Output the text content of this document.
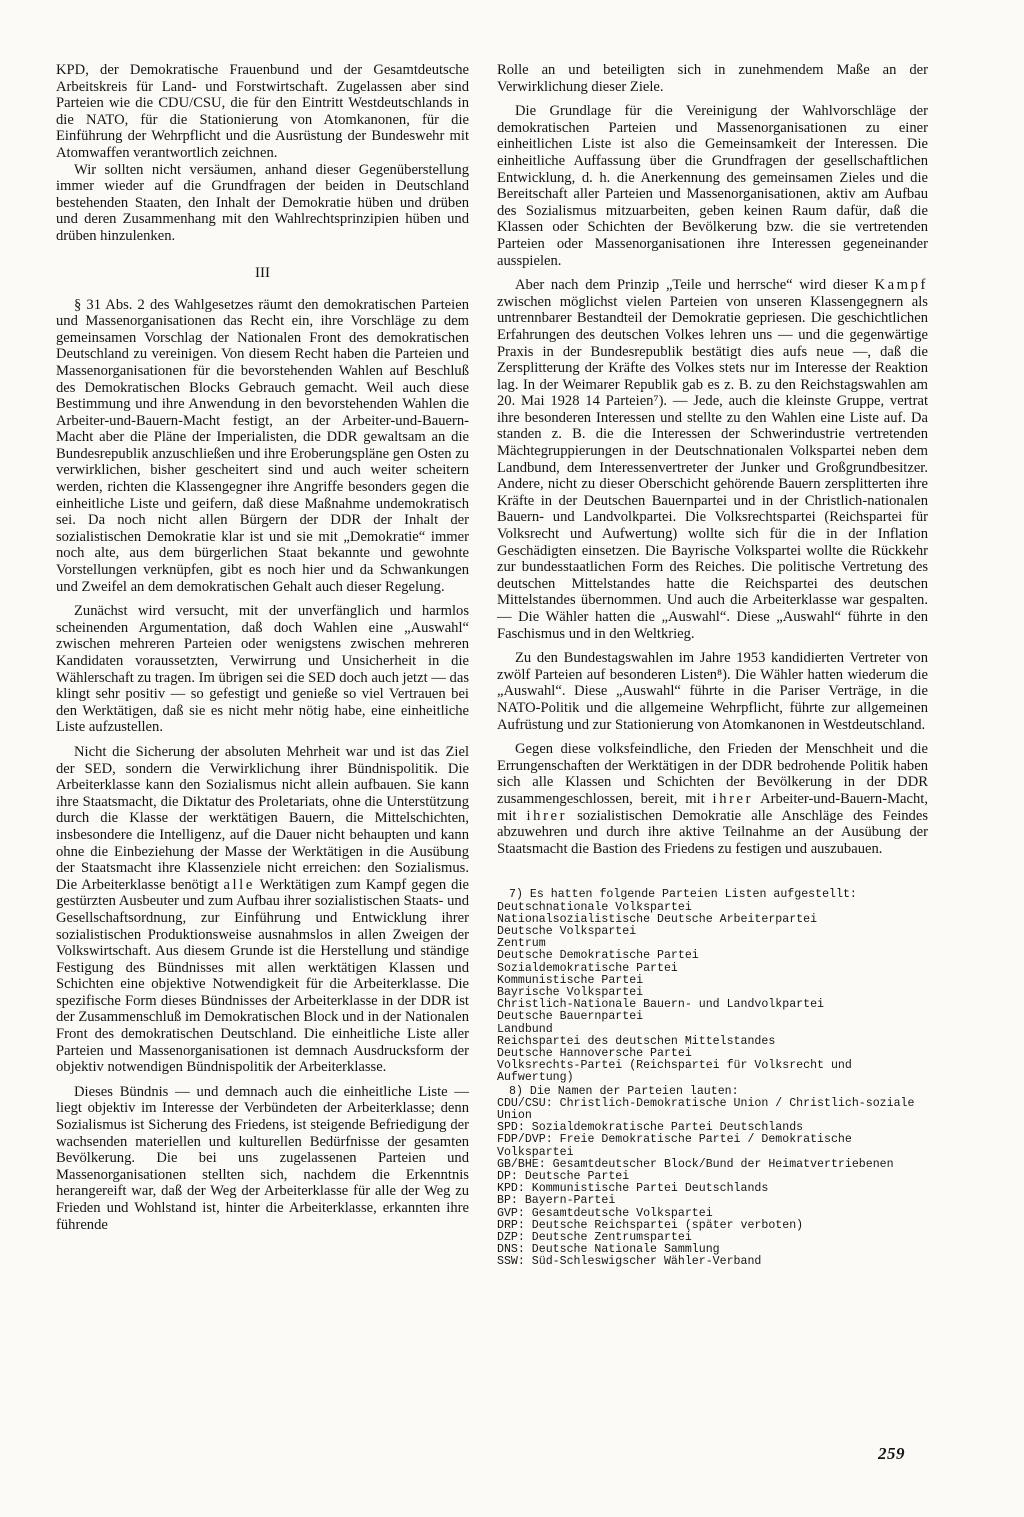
KPD, der Demokratische Frauenbund und der Gesamtdeutsche Arbeitskreis für Land- und Forstwirtschaft. Zugelassen aber sind Parteien wie die CDU/CSU, die für den Eintritt Westdeutschlands in die NATO, für die Stationierung von Atomkanonen, für die Einführung der Wehrpflicht und die Ausrüstung der Bundeswehr mit Atomwaffen verantwortlich zeichnen.

Wir sollten nicht versäumen, anhand dieser Gegenüberstellung immer wieder auf die Grundfragen der beiden in Deutschland bestehenden Staaten, den Inhalt der Demokratie hüben und drüben und deren Zusammenhang mit den Wahlrechtsprinzipien hüben und drüben hinzulenken.

III

§ 31 Abs. 2 des Wahlgesetzes räumt den demokratischen Parteien und Massenorganisationen das Recht ein, ihre Vorschläge zu dem gemeinsamen Vorschlag der Nationalen Front des demokratischen Deutschland zu vereinigen. Von diesem Recht haben die Parteien und Massenorganisationen für die bevorstehenden Wahlen auf Beschluß des Demokratischen Blocks Gebrauch gemacht. Weil auch diese Bestimmung und ihre Anwendung in den bevorstehenden Wahlen die Arbeiter-und-Bauern-Macht festigt, an der Arbeiter-und-Bauern-Macht aber die Pläne der Imperialisten, die DDR gewaltsam an die Bundesrepublik anzuschließen und ihre Eroberungspläne gen Osten zu verwirklichen, bisher gescheitert sind und auch weiter scheitern werden, richten die Klassengegner ihre Angriffe besonders gegen die einheitliche Liste und geifern, daß diese Maßnahme undemokratisch sei. Da noch nicht allen Bürgern der DDR der Inhalt der sozialistischen Demokratie klar ist und sie mit „Demokratie“ immer noch alte, aus dem bürgerlichen Staat bekannte und gewohnte Vorstellungen verknüpfen, gibt es noch hier und da Schwankungen und Zweifel an dem demokratischen Gehalt auch dieser Regelung.

Zunächst wird versucht, mit der unverfänglich und harmlos scheinenden Argumentation, daß doch Wahlen eine „Auswahl“ zwischen mehreren Parteien oder wenigstens zwischen mehreren Kandidaten voraussetzten, Verwirrung und Unsicherheit in die Wählerschaft zu tragen. Im übrigen sei die SED doch auch jetzt — das klingt sehr positiv — so gefestigt und genieße so viel Vertrauen bei den Werktätigen, daß sie es nicht mehr nötig habe, eine einheitliche Liste aufzustellen.

Nicht die Sicherung der absoluten Mehrheit war und ist das Ziel der SED, sondern die Verwirklichung ihrer Bündnispolitik. Die Arbeiterklasse kann den Sozialismus nicht allein aufbauen. Sie kann ihre Staatsmacht, die Diktatur des Proletariats, ohne die Unterstützung durch die Klasse der werktätigen Bauern, die Mittelschichten, insbesondere die Intelligenz, auf die Dauer nicht behaupten und kann ohne die Einbeziehung der Masse der Werktätigen in die Ausübung der Staatsmacht ihre Klassenziele nicht erreichen: den Sozialismus. Die Arbeiterklasse benötigt alle Werktätigen zum Kampf gegen die gestürzten Ausbeuter und zum Aufbau ihrer sozialistischen Staats- und Gesellschaftsordnung, zur Einführung und Entwicklung ihrer sozialistischen Produktionsweise ausnahmslos in allen Zweigen der Volkswirtschaft. Aus diesem Grunde ist die Herstellung und ständige Festigung des Bündnisses mit allen werktätigen Klassen und Schichten eine objektive Notwendigkeit für die Arbeiterklasse. Die spezifische Form dieses Bündnisses der Arbeiterklasse in der DDR ist der Zusammenschluß im Demokratischen Block und in der Nationalen Front des demokratischen Deutschland. Die einheitliche Liste aller Parteien und Massenorganisationen ist demnach Ausdrucksform der objektiv notwendigen Bündnispolitik der Arbeiterklasse.

Dieses Bündnis — und demnach auch die einheitliche Liste — liegt objektiv im Interesse der Verbündeten der Arbeiterklasse; denn Sozialismus ist Sicherung des Friedens, ist steigende Befriedigung der wachsenden materiellen und kulturellen Bedürfnisse der gesamten Bevölkerung. Die bei uns zugelassenen Parteien und Massenorganisationen stellten sich, nachdem die Erkenntnis herangereift war, daß der Weg der Arbeiterklasse für alle der Weg zu Frieden und Wohlstand ist, hinter die Arbeiterklasse, erkannten ihre führende

Rolle an und beteiligten sich in zunehmendem Maße an der Verwirklichung dieser Ziele.

Die Grundlage für die Vereinigung der Wahlvorschläge der demokratischen Parteien und Massenorganisationen zu einer einheitlichen Liste ist also die Gemeinsamkeit der Interessen. Die einheitliche Auffassung über die Grundfragen der gesellschaftlichen Entwicklung, d. h. die Anerkennung des gemeinsamen Zieles und die Bereitschaft aller Parteien und Massenorganisationen, aktiv am Aufbau des Sozialismus mitzuarbeiten, geben keinen Raum dafür, daß die Klassen oder Schichten der Bevölkerung bzw. die sie vertretenden Parteien oder Massenorganisationen ihre Interessen gegeneinander ausspielen.

Aber nach dem Prinzip „Teile und herrsche“ wird dieser Kampf zwischen möglichst vielen Parteien von unseren Klassengegnern als untrennbarer Bestandteil der Demokratie gepriesen. Die geschichtlichen Erfahrungen des deutschen Volkes lehren uns — und die gegenwärtige Praxis in der Bundesrepublik bestätigt dies aufs neue —, daß die Zersplitterung der Kräfte des Volkes stets nur im Interesse der Reaktion lag. In der Weimarer Republik gab es z. B. zu den Reichstagswahlen am 20. Mai 1928 14 Parteien⁷). — Jede, auch die kleinste Gruppe, vertrat ihre besonderen Interessen und stellte zu den Wahlen eine Liste auf. Da standen z. B. die die Interessen der Schwerindustrie vertretenden Mächtegruppierungen in der Deutschnationalen Volkspartei neben dem Landbund, dem Interessenvertreter der Junker und Großgrundbesitzer. Andere, nicht zu dieser Oberschicht gehörende Bauern zersplitterten ihre Kräfte in der Deutschen Bauernpartei und in der Christlich-nationalen Bauern- und Landvolkpartei. Die Volksrechtspartei (Reichspartei für Volksrecht und Aufwertung) wollte sich für die in der Inflation Geschädigten einsetzen. Die Bayrische Volkspartei wollte die Rückkehr zur bundesstaatlichen Form des Reiches. Die politische Vertretung des deutschen Mittelstandes hatte die Reichspartei des deutschen Mittelstandes übernommen. Und auch die Arbeiterklasse war gespalten. — Die Wähler hatten die „Auswahl“. Diese „Auswahl“ führte in den Faschismus und in den Weltkrieg.

Zu den Bundestagswahlen im Jahre 1953 kandidierten Vertreter von zwölf Parteien auf besonderen Listen⁸). Die Wähler hatten wiederum die „Auswahl“. Diese „Auswahl“ führte in die Pariser Verträge, in die NATO-Politik und die allgemeine Wehrpflicht, führte zur allgemeinen Aufrüstung und zur Stationierung von Atomkanonen in Westdeutschland.

Gegen diese volksfeindliche, den Frieden der Menschheit und die Errungenschaften der Werktätigen in der DDR bedrohende Politik haben sich alle Klassen und Schichten der Bevölkerung in der DDR zusammengeschlossen, bereit, mit ihrer Arbeiter-und-Bauern-Macht, mit ihrer sozialistischen Demokratie alle Anschläge des Feindes abzuwehren und durch ihre aktive Teilnahme an der Ausübung der Staatsmacht die Bastion des Friedens zu festigen und auszubauen.

7) Es hatten folgende Parteien Listen aufgestellt:
Deutschnationale Volkspartei
Nationalsozialistische Deutsche Arbeiterpartei
Deutsche Volkspartei
Zentrum
Deutsche Demokratische Partei
Sozialdemokratische Partei
Kommunistische Partei
Bayrische Volkspartei
Christlich-Nationale Bauern- und Landvolkpartei
Deutsche Bauernpartei
Landbund
Reichspartei des deutschen Mittelstandes
Deutsche Hannoversche Partei
Volksrechts-Partei (Reichspartei für Volksrecht und Aufwertung)
8) Die Namen der Parteien lauten:
CDU/CSU: Christlich-Demokratische Union / Christlich-soziale Union
SPD: Sozialdemokratische Partei Deutschlands
FDP/DVP: Freie Demokratische Partei / Demokratische Volkspartei
GB/BHE: Gesamtdeutscher Block/Bund der Heimatvertriebenen
DP: Deutsche Partei
KPD: Kommunistische Partei Deutschlands
BP: Bayern-Partei
GVP: Gesamtdeutsche Volkspartei
DRP: Deutsche Reichspartei (später verboten)
DZP: Deutsche Zentrumspartei
DNS: Deutsche Nationale Sammlung
SSW: Süd-Schleswigscher Wähler-Verband
259
